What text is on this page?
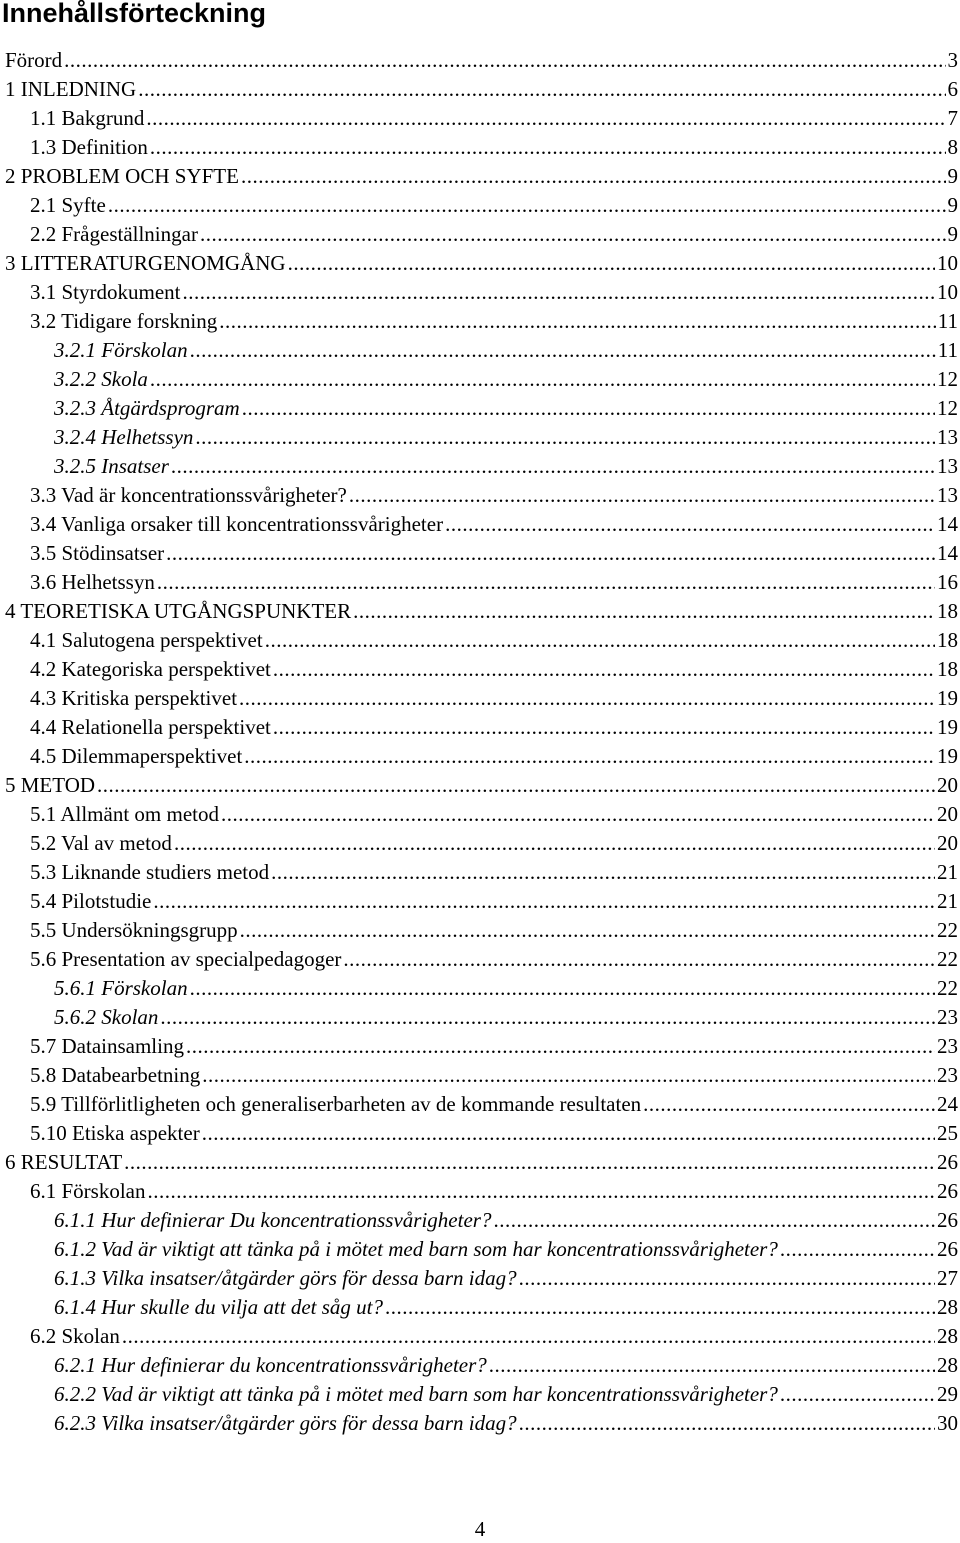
Innehållsförteckning
Förord .....	3
1 INLEDNING .....	6
1.1 Bakgrund .....	7
1.3 Definition .....	8
2 PROBLEM OCH SYFTE .....	9
2.1 Syfte .....	9
2.2 Frågeställningar .....	9
3 LITTERATURGENOMGÅNG .....	10
3.1 Styrdokument .....	10
3.2 Tidigare forskning .....	11
3.2.1 Förskolan .....	11
3.2.2 Skola .....	12
3.2.3 Åtgärdsprogram .....	12
3.2.4 Helhetssyn .....	13
3.2.5 Insatser .....	13
3.3 Vad är koncentrationssvårigheter? .....	13
3.4 Vanliga orsaker till koncentrationssvårigheter .....	14
3.5 Stödinsatser .....	14
3.6 Helhetssyn .....	16
4 TEORETISKA UTGÅNGSPUNKTER .....	18
4.1 Salutogena perspektivet .....	18
4.2 Kategoriska perspektivet .....	18
4.3 Kritiska perspektivet .....	19
4.4 Relationella perspektivet .....	19
4.5 Dilemmaperspektivet .....	19
5 METOD .....	20
5.1 Allmänt om metod .....	20
5.2 Val av metod .....	20
5.3 Liknande studiers metod .....	21
5.4 Pilotstudie .....	21
5.5 Undersökningsgrupp .....	22
5.6 Presentation av specialpedagoger .....	22
5.6.1 Förskolan .....	22
5.6.2 Skolan .....	23
5.7 Datainsamling .....	23
5.8 Databearbetning .....	23
5.9 Tillförlitligheten och generaliserbarheten av de kommande resultaten .....	24
5.10 Etiska aspekter .....	25
6 RESULTAT .....	26
6.1 Förskolan .....	26
6.1.1 Hur definierar Du koncentrationssvårigheter? .....	26
6.1.2 Vad är viktigt att tänka på i mötet med barn som har koncentrationssvårigheter? .....	26
6.1.3 Vilka insatser/åtgärder görs för dessa barn idag? .....	27
6.1.4 Hur skulle du vilja att det såg ut? .....	28
6.2 Skolan .....	28
6.2.1 Hur definierar du koncentrationssvårigheter? .....	28
6.2.2 Vad är viktigt att tänka på i mötet med barn som har koncentrationssvårigheter? .....	29
6.2.3 Vilka insatser/åtgärder görs för dessa barn idag? .....	30
4
